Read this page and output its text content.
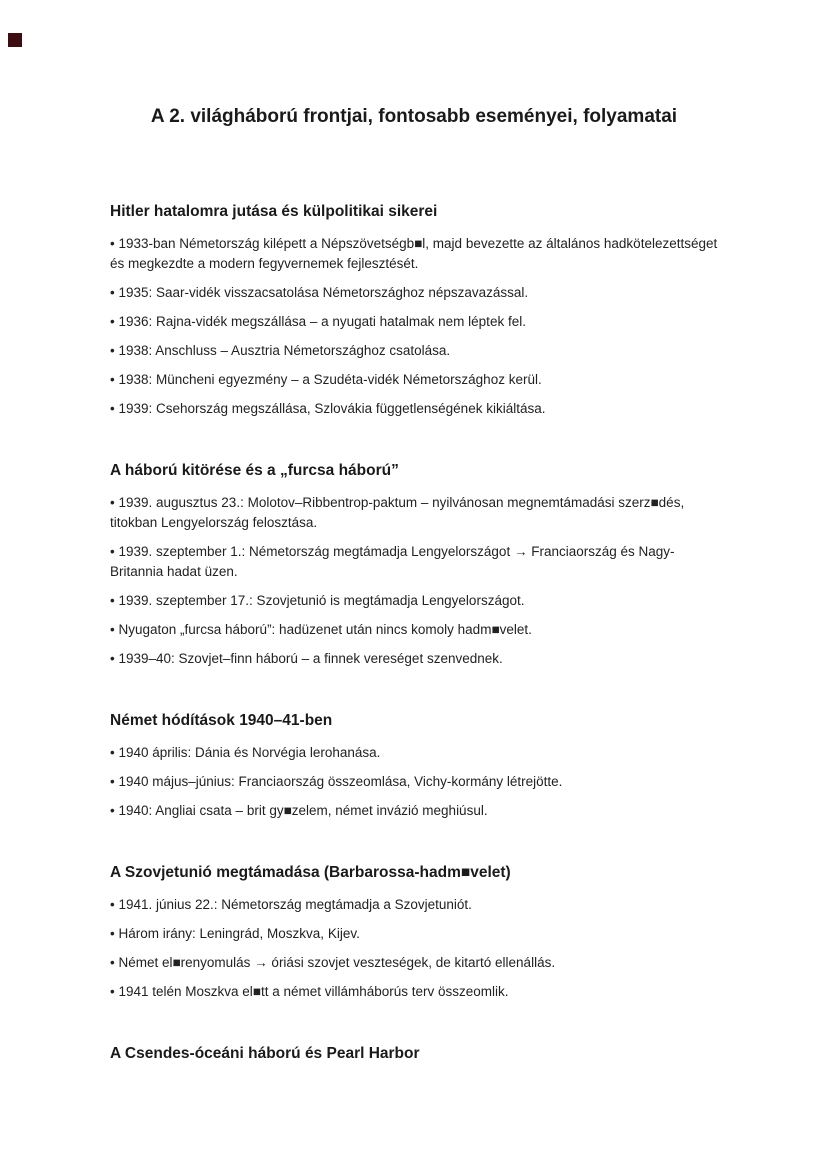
A 2. világháború frontjai, fontosabb eseményei, folyamatai
Hitler hatalomra jutása és külpolitikai sikerei

• 1933-ban Németország kilépett a Népszövetségb■l, majd bevezette az általános hadkötelezettséget és megkezdte a modern fegyvernemek fejlesztését.

• 1935: Saar-vidék visszacsatolása Németországhoz népszavazással.

• 1936: Rajna-vidék megszállása – a nyugati hatalmak nem léptek fel.

• 1938: Anschluss – Ausztria Németországhoz csatolása.

• 1938: Müncheni egyezmény – a Szudéta-vidék Németországhoz kerül.

• 1939: Csehország megszállása, Szlovákia függetlenségének kikiáltása.

A háború kitörése és a „furcsa háború”

• 1939. augusztus 23.: Molotov–Ribbentrop-paktum – nyilvánosan megnemtámadási szerz■dés, titokban Lengyelország felosztása.

• 1939. szeptember 1.: Németország megtámadja Lengyelországot → Franciaország és Nagy-Britannia hadat üzen.

• 1939. szeptember 17.: Szovjetunió is megtámadja Lengyelországot.

• Nyugaton „furcsa háború”: hadüzenet után nincs komoly hadm■velet.

• 1939–40: Szovjet–finn háború – a finnek vereséget szenvednek.

Német hódítások 1940–41-ben

• 1940 április: Dánia és Norvégia lerohanása.

• 1940 május–június: Franciaország összeomlása, Vichy-kormány létrejötte.

• 1940: Angliai csata – brit gy■zelem, német invázió meghiúsul.

A Szovjetunió megtámadása (Barbarossa-hadm■velet)

• 1941. június 22.: Németország megtámadja a Szovjetuniót.

• Három irány: Leningrád, Moszkva, Kijev.

• Német el■renyomulás → óriási szovjet veszteségek, de kitartó ellenállás.

• 1941 telén Moszkva el■tt a német villámháborús terv összeomlik.

A Csendes-óceáni háború és Pearl Harbor
